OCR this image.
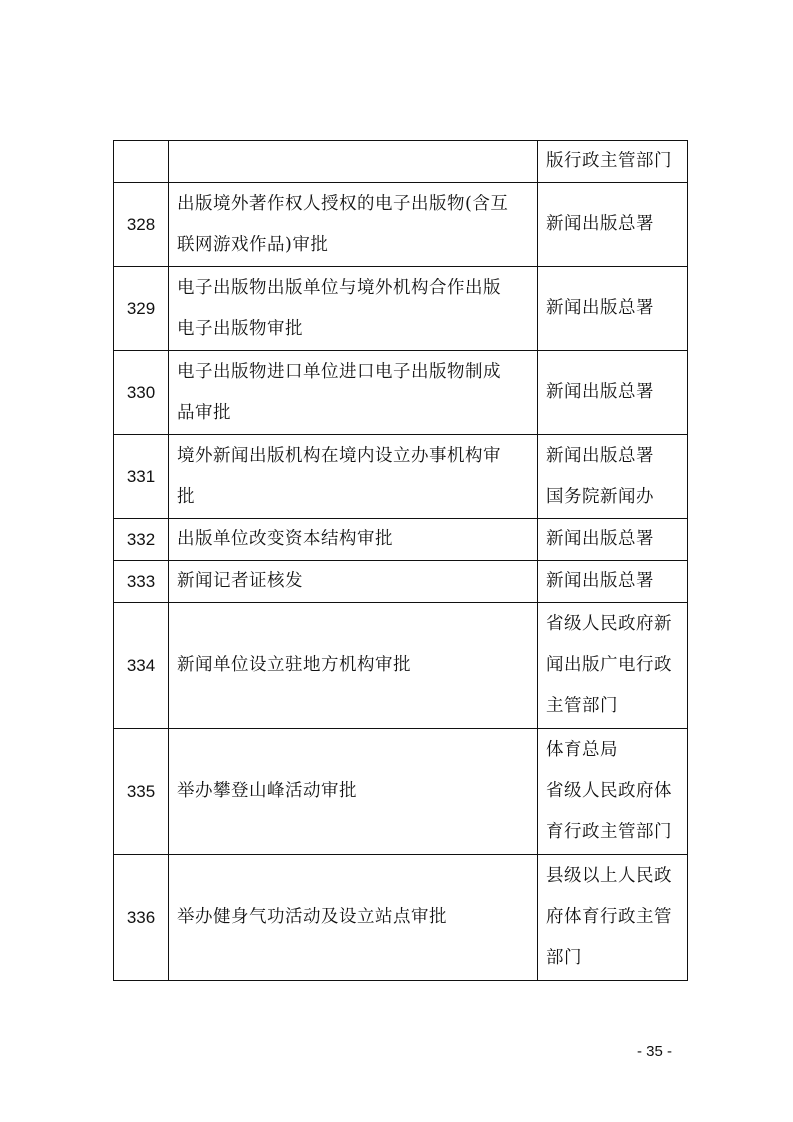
		版行政主管部门

328	出版境外著作权人授权的电子出版物(含互
联网游戏作品)审批	新闻出版总署

329	电子出版物出版单位与境外机构合作出版
电子出版物审批	新闻出版总署

330	电子出版物进口单位进口电子出版物制成
品审批	新闻出版总署

331	境外新闻出版机构在境内设立办事机构审
批	新闻出版总署
国务院新闻办

332	出版单位改变资本结构审批	新闻出版总署

333	新闻记者证核发	新闻出版总署

334	新闻单位设立驻地方机构审批	省级人民政府新
闻出版广电行政
主管部门

335	举办攀登山峰活动审批	体育总局
省级人民政府体
育行政主管部门

336	举办健身气功活动及设立站点审批	县级以上人民政
府体育行政主管
部门
- 35 -
